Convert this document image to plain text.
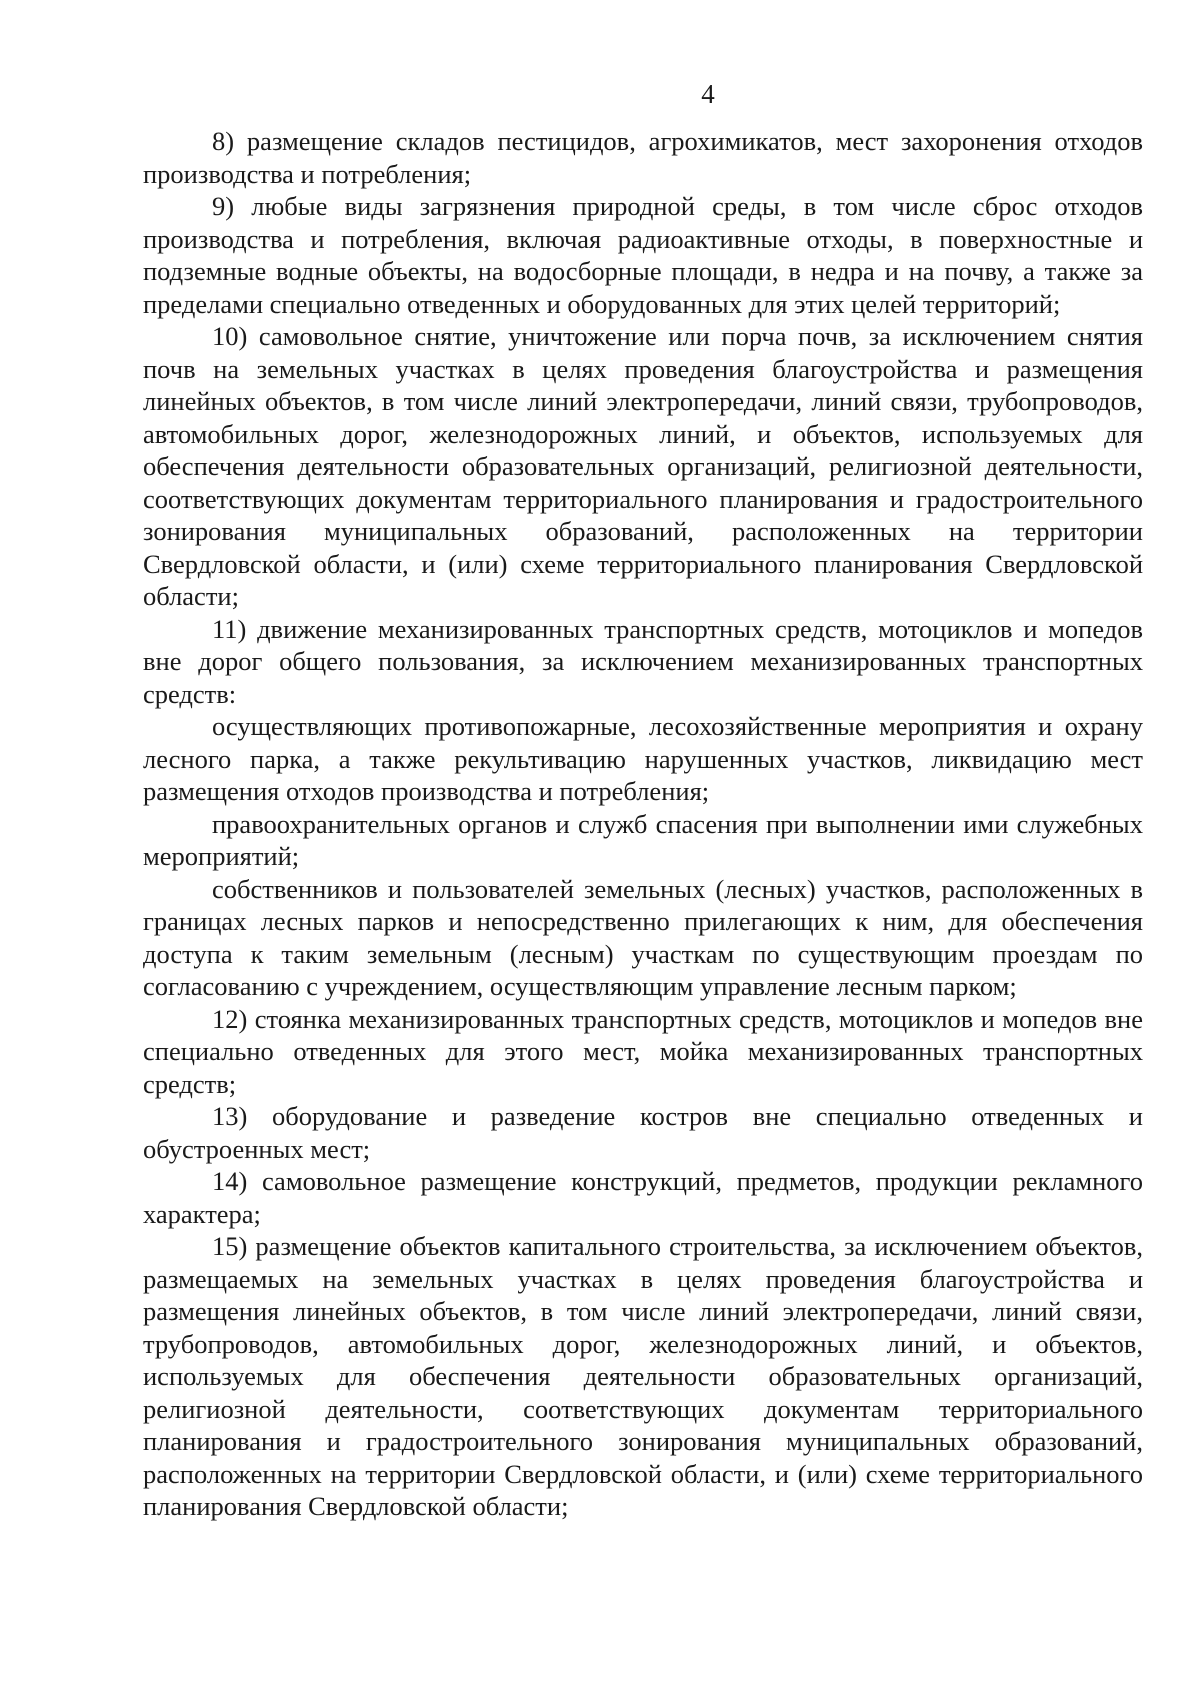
4

8) размещение складов пестицидов, агрохимикатов, мест захоронения отходов производства и потребления;

9) любые виды загрязнения природной среды, в том числе сброс отходов производства и потребления, включая радиоактивные отходы, в поверхностные и подземные водные объекты, на водосборные площади, в недра и на почву, а также за пределами специально отведенных и оборудованных для этих целей территорий;

10) самовольное снятие, уничтожение или порча почв, за исключением снятия почв на земельных участках в целях проведения благоустройства и размещения линейных объектов, в том числе линий электропередачи, линий связи, трубопроводов, автомобильных дорог, железнодорожных линий, и объектов, используемых для обеспечения деятельности образовательных организаций, религиозной деятельности, соответствующих документам территориального планирования и градостроительного зонирования муниципальных образований, расположенных на территории Свердловской области, и (или) схеме территориального планирования Свердловской области;

11) движение механизированных транспортных средств, мотоциклов и мопедов вне дорог общего пользования, за исключением механизированных транспортных средств:

осуществляющих противопожарные, лесохозяйственные мероприятия и охрану лесного парка, а также рекультивацию нарушенных участков, ликвидацию мест размещения отходов производства и потребления;

правоохранительных органов и служб спасения при выполнении ими служебных мероприятий;

собственников и пользователей земельных (лесных) участков, расположенных в границах лесных парков и непосредственно прилегающих к ним, для обеспечения доступа к таким земельным (лесным) участкам по существующим проездам по согласованию с учреждением, осуществляющим управление лесным парком;

12) стоянка механизированных транспортных средств, мотоциклов и мопедов вне специально отведенных для этого мест, мойка механизированных транспортных средств;

13) оборудование и разведение костров вне специально отведенных и обустроенных мест;

14) самовольное размещение конструкций, предметов, продукции рекламного характера;

15) размещение объектов капитального строительства, за исключением объектов, размещаемых на земельных участках в целях проведения благоустройства и размещения линейных объектов, в том числе линий электропередачи, линий связи, трубопроводов, автомобильных дорог, железнодорожных линий, и объектов, используемых для обеспечения деятельности образовательных организаций, религиозной деятельности, соответствующих документам территориального планирования и градостроительного зонирования муниципальных образований, расположенных на территории Свердловской области, и (или) схеме территориального планирования Свердловской области;
